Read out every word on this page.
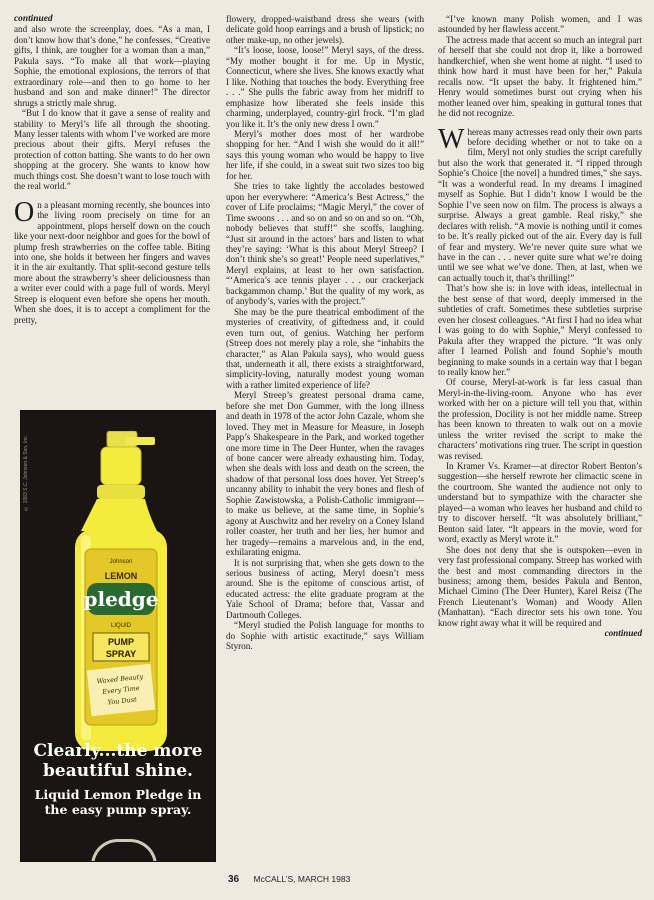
continued

and also wrote the screenplay, does. “As a man, I don’t know how that’s done,” he confesses. “Creative gifts, I think, are tougher for a woman than a man,” Pakula says. “To make all that work—playing Sophie, the emotional explosions, the terrors of that extraordinary role—and then to go home to her husband and son and make dinner!” The director shrugs a strictly male shrug.

“But I do know that it gave a sense of reality and stability to Meryl’s life all through the shooting. Many lesser talents with whom I’ve worked are more precious about their gifts. Meryl refuses the protection of cotton batting. She wants to do her own shopping at the grocery. She wants to know how much things cost. She doesn’t want to lose touch with the real world.”

On a pleasant morning recently, she bounces into the living room precisely on time for an appointment, plops herself down on the couch like your next-door neighbor and goes for the bowl of plump fresh strawberries on the coffee table. Biting into one, she holds it between her fingers and waves it in the air exultantly. That split-second gesture tells more about the strawberry’s sheer deliciousness than a writer ever could with a page full of words. Meryl Streep is eloquent even before she opens her mouth. When she does, it is to accept a compliment for the pretty,

© 1983 S.C. Johnson & Son, Inc.
Johnson
LEMON
pledge
LIQUID
PUMP
SPRAY
Waxed Beauty
Every Time
You Dust
Clearly...the more beautiful shine.
Liquid Lemon Pledge in the easy pump spray.

flowery, dropped-waistband dress she wears (with delicate gold hoop earrings and a brush of lipstick; no other make-up, no other jewels).

“It’s loose, loose, loose!” Meryl says, of the dress. “My mother bought it for me. Up in Mystic, Connecticut, where she lives. She knows exactly what I like. Nothing that touches the body. Everything free . . .” She pulls the fabric away from her midriff to emphasize how liberated she feels inside this charming, underplayed, country-girl frock. “I’m glad you like it. It’s the only new dress I own.”

Meryl’s mother does most of her wardrobe shopping for her. “And I wish she would do it all!” says this young woman who would be happy to live her life, if she could, in a sweat suit two sizes too big for her.

She tries to take lightly the accolades bestowed upon her everywhere: “America’s Best Actress,” the cover of Life proclaims; “Magic Meryl,” the cover of Time swoons . . . and so on and so on and so on. “Oh, nobody believes that stuff!” she scoffs, laughing. “Just sit around in the actors’ bars and listen to what they’re saying: ‘What is this about Meryl Streep? I don’t think she’s so great!’ People need superlatives,” Meryl explains, at least to her own satisfaction. “‘America’s ace tennis player . . . our crackerjack backgammon champ.’ But the quality of my work, as of anybody’s, varies with the project.”

She may be the pure theatrical embodiment of the mysteries of creativity, of giftedness and, it could even turn out, of genius. Watching her perform (Streep does not merely play a role, she “inhabits the character,” as Alan Pakula says), who would guess that, underneath it all, there exists a straightforward, simplicity-loving, naturally modest young woman with a rather limited experience of life?

Meryl Streep’s greatest personal drama came, before she met Don Gummer, with the long illness and death in 1978 of the actor John Cazale, whom she loved. They met in Measure for Measure, in Joseph Papp’s Shakespeare in the Park, and worked together one more time in The Deer Hunter, when the ravages of bone cancer were already exhausting him. Today, when she deals with loss and death on the screen, the shadow of that personal loss does hover. Yet Streep’s uncanny ability to inhabit the very bones and flesh of Sophie Zawistowska, a Polish-Catholic immigrant—to make us believe, at the same time, in Sophie’s agony at Auschwitz and her revelry on a Coney Island roller coaster, her truth and her lies, her humor and her tragedy—remains a marvelous and, in the end, exhilarating enigma.

It is not surprising that, when she gets down to the serious business of acting, Meryl doesn’t mess around. She is the epitome of conscious artist, of educated actress: the elite graduate program at the Yale School of Drama; before that, Vassar and Dartmouth Colleges.

“Meryl studied the Polish language for months to do Sophie with artistic exactitude,” says William Styron.

“I’ve known many Polish women, and I was astounded by her flawless accent.”

The actress made that accent so much an integral part of herself that she could not drop it, like a borrowed handkerchief, when she went home at night. “I used to think how hard it must have been for her,” Pakula recalls now. “It upset the baby. It frightened him.” Henry would sometimes burst out crying when his mother leaned over him, speaking in guttural tones that he did not recognize.

Whereas many actresses read only their own parts before deciding whether or not to take on a film, Meryl not only studies the script carefully but also the work that generated it. “I ripped through Sophie’s Choice [the novel] a hundred times,” she says. “It was a wonderful read. In my dreams I imagined myself as Sophie. But I didn’t know I would be the Sophie I’ve seen now on film. The process is always a surprise. Always a great gamble. Real risky,” she declares with relish. “A movie is nothing until it comes to be. It’s really picked out of the air. Every day is full of fear and mystery. We’re never quite sure what we have in the can . . . never quite sure what we’re doing until we see what we’ve done. Then, at last, when we can actually touch it, that’s thrilling!”

That’s how she is: in love with ideas, intellectual in the best sense of that word, deeply immersed in the subtleties of craft. Sometimes these subtleties surprise even her closest colleagues. “At first I had no idea what I was going to do with Sophie,” Meryl confessed to Pakula after they wrapped the picture. “It was only after I learned Polish and found Sophie’s mouth beginning to make sounds in a certain way that I began to really know her.”

Of course, Meryl-at-work is far less casual than Meryl-in-the-living-room. Anyone who has ever worked with her on a picture will tell you that, within the profession, Docility is not her middle name. Streep has been known to threaten to walk out on a movie unless the writer revised the script to make the characters’ motivations ring truer. The script in question was revised.

In Kramer Vs. Kramer—at director Robert Benton’s suggestion—she herself rewrote her climactic scene in the courtroom. She wanted the audience not only to understand but to sympathize with the character she played—a woman who leaves her husband and child to try to discover herself. “It was absolutely brilliant,” Benton said later. “It appears in the movie, word for word, exactly as Meryl wrote it.”

She does not deny that she is outspoken—even in very fast professional company. Streep has worked with the best and most commanding directors in the business; among them, besides Pakula and Benton, Michael Cimino (The Deer Hunter), Karel Reisz (The French Lieutenant’s Woman) and Woody Allen (Manhattan). “Each director sets his own tone. You know right away what it will be required and

continued

36 McCALL’S, MARCH 1983
